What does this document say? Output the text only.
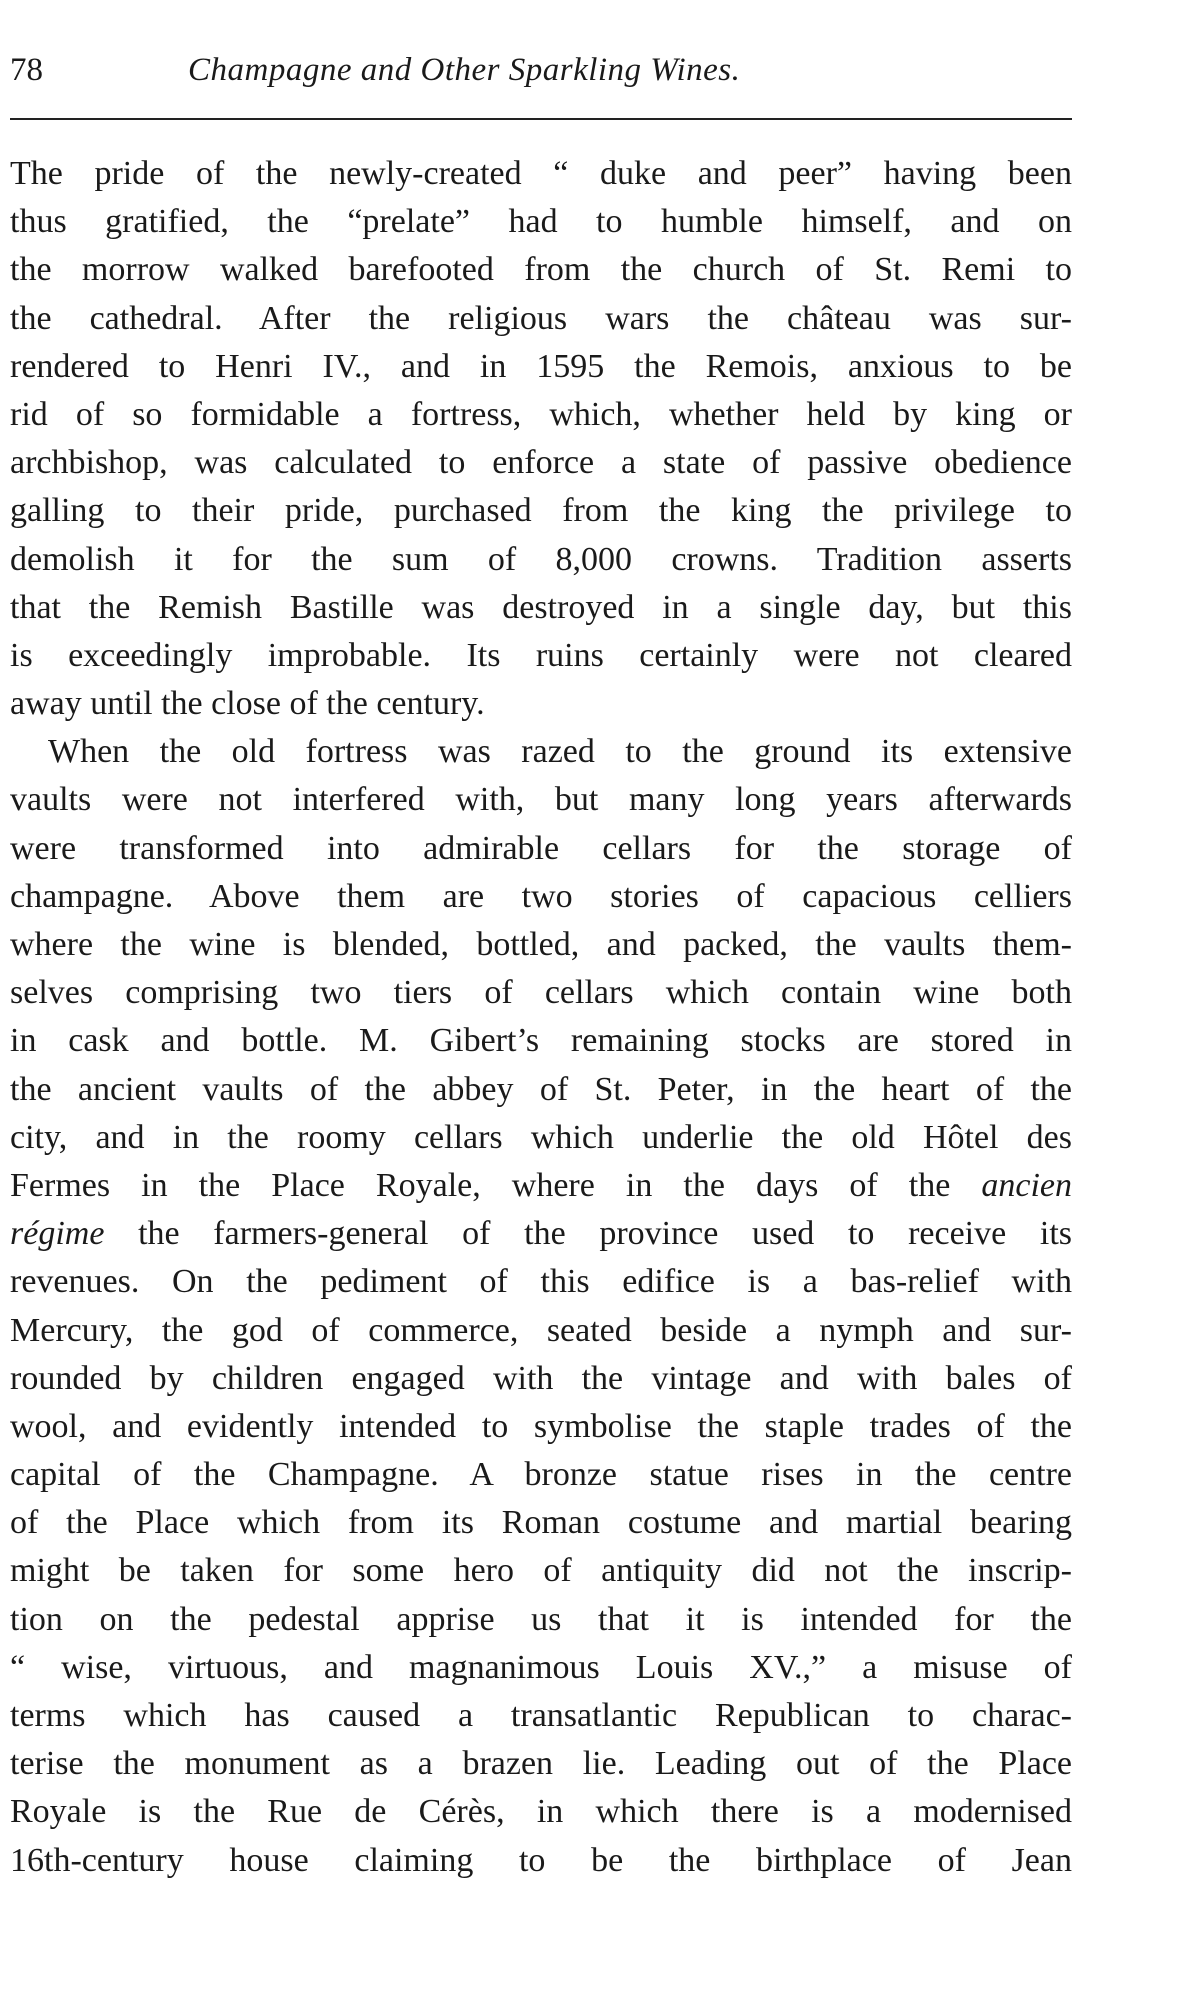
78	Champagne and Other Sparkling Wines.
The pride of the newly-created “ duke and peer” having been
thus gratified, the “prelate” had to humble himself, and on
the morrow walked barefooted from the church of St. Remi to
the cathedral. After the religious wars the château was sur-
rendered to Henri IV., and in 1595 the Remois, anxious to be
rid of so formidable a fortress, which, whether held by king or
archbishop, was calculated to enforce a state of passive obedience
galling to their pride, purchased from the king the privilege to
demolish it for the sum of 8,000 crowns. Tradition asserts
that the Remish Bastille was destroyed in a single day, but this
is exceedingly improbable. Its ruins certainly were not cleared
away until the close of the century.
When the old fortress was razed to the ground its extensive
vaults were not interfered with, but many long years afterwards
were transformed into admirable cellars for the storage of
champagne. Above them are two stories of capacious celliers
where the wine is blended, bottled, and packed, the vaults them-
selves comprising two tiers of cellars which contain wine both
in cask and bottle. M. Gibert’s remaining stocks are stored in
the ancient vaults of the abbey of St. Peter, in the heart of the
city, and in the roomy cellars which underlie the old Hôtel des
Fermes in the Place Royale, where in the days of the ancien
régime the farmers-general of the province used to receive its
revenues. On the pediment of this edifice is a bas-relief with
Mercury, the god of commerce, seated beside a nymph and sur-
rounded by children engaged with the vintage and with bales of
wool, and evidently intended to symbolise the staple trades of the
capital of the Champagne. A bronze statue rises in the centre
of the Place which from its Roman costume and martial bearing
might be taken for some hero of antiquity did not the inscrip-
tion on the pedestal apprise us that it is intended for the
“ wise, virtuous, and magnanimous Louis XV.,” a misuse of
terms which has caused a transatlantic Republican to charac-
terise the monument as a brazen lie. Leading out of the Place
Royale is the Rue de Cérès, in which there is a modernised
16th-century house claiming to be the birthplace of Jean
